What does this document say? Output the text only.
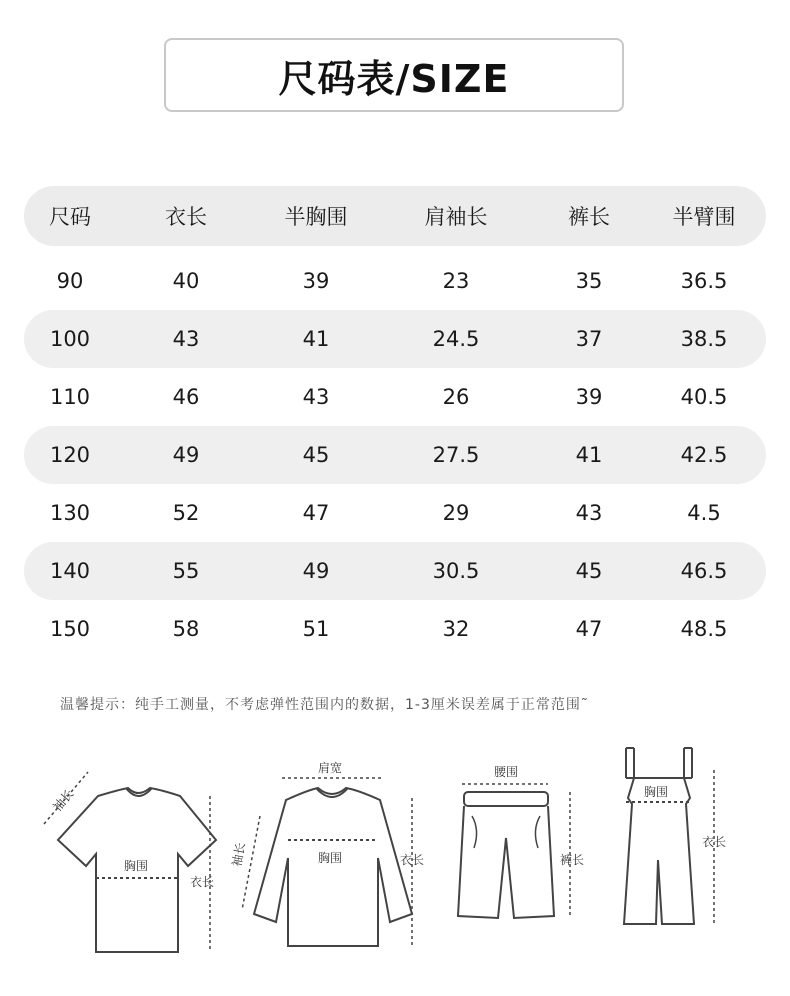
尺码表/SIZE
尺码	衣长	半胸围	肩袖长	裤长	半臂围
90	40	39	23	35	36.5
100	43	41	24.5	37	38.5
110	46	43	26	39	40.5
120	49	45	27.5	41	42.5
130	52	47	29	43	4.5
140	55	49	30.5	45	46.5
150	58	51	32	47	48.5
温馨提示：纯手工测量，不考虑弹性范围内的数据，1-3厘米误差属于正常范围˜
袖长
胸围
衣长
肩宽
袖长	胸围	衣长
腰围
裤长
胸围
衣长
